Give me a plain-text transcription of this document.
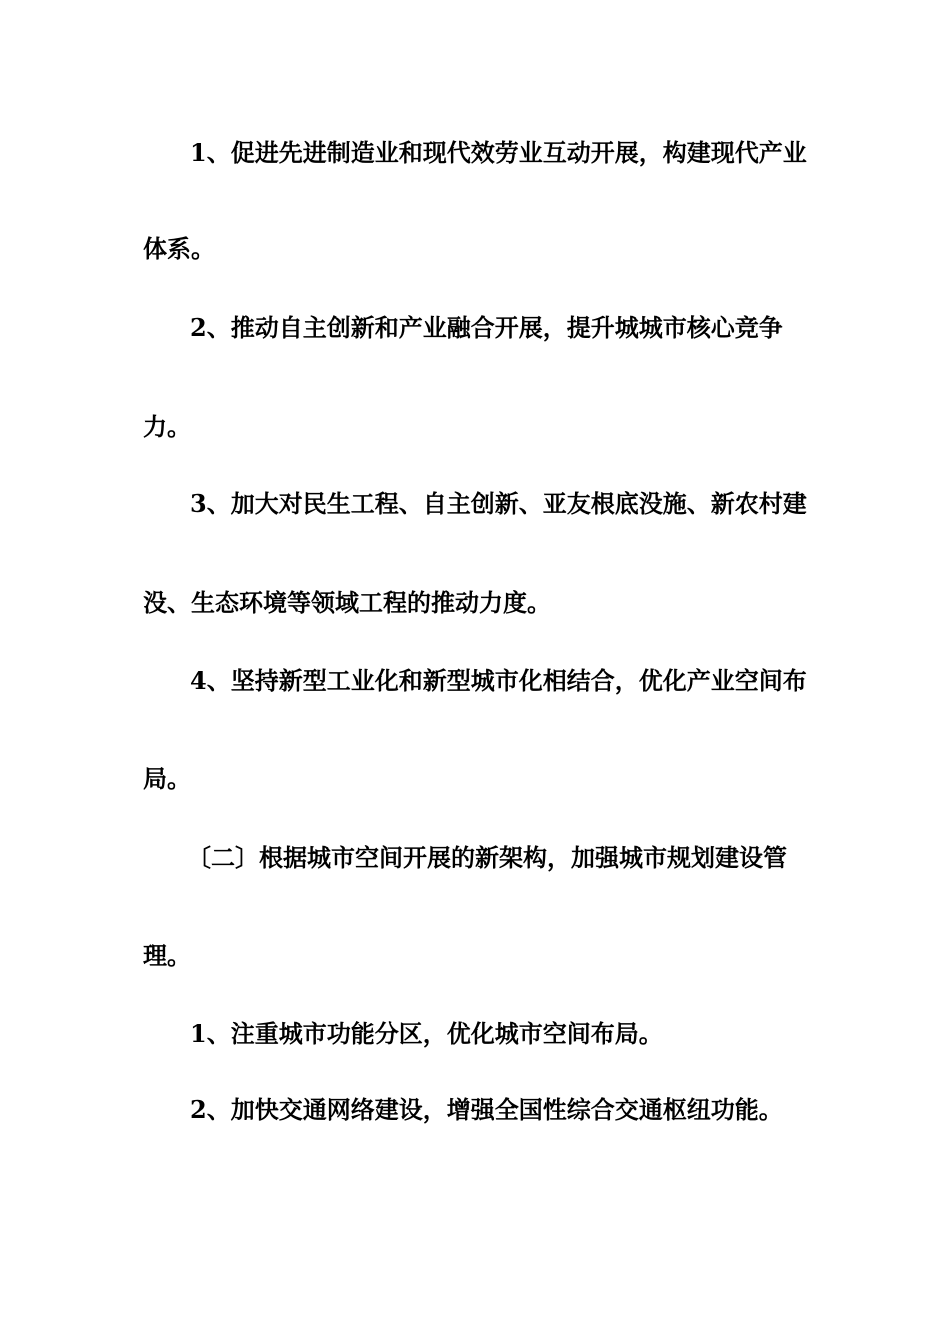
1、促进先进制造业和现代效劳业互动开展，构建现代产业

体系。

2、推动自主创新和产业融合开展，提升城城市核心竞争

力。

3、加大对民生工程、自主创新、亚友根底没施、新农村建

没、生态环境等领域工程的推动力度。

4、坚持新型工业化和新型城市化相结合，优化产业空间布

局。

〔二〕根据城市空间开展的新架构，加强城市规划建设管

理。

1、注重城市功能分区，优化城市空间布局。

2、加快交通网络建设，增强全国性综合交通枢纽功能。
